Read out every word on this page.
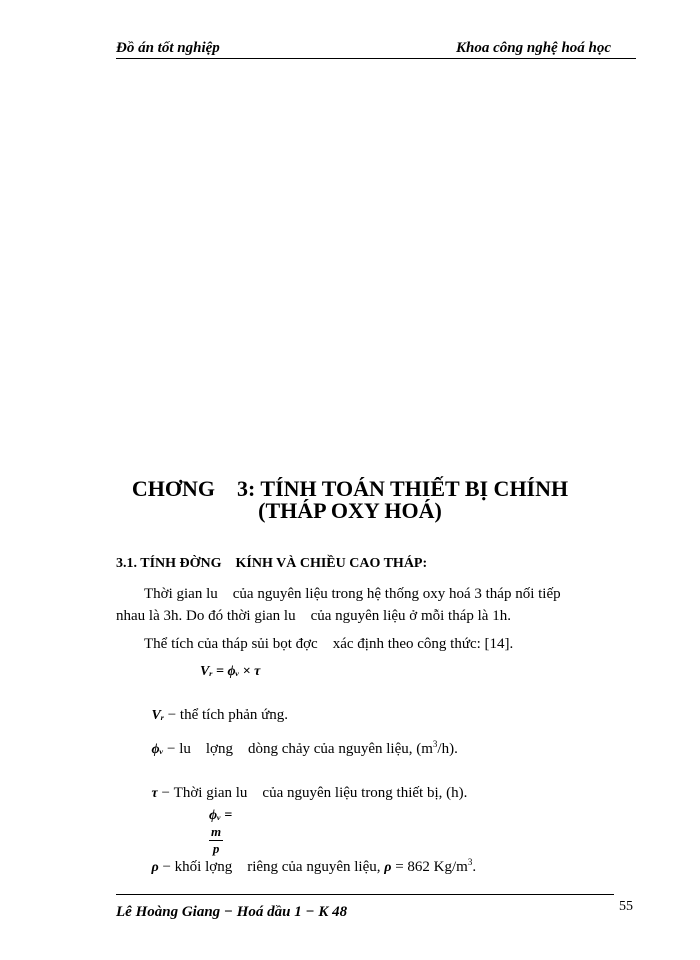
Đồ án tốt nghiệp	Khoa công nghệ hoá học
CHƠNG    3: TÍNH TOÁN THIẾT BỊ CHÍNH
(THÁP OXY HOÁ)
3.1. TÍNH ĐỜNG    KÍNH VÀ CHIỀU CAO THÁP:
Thời gian lu    của nguyên liệu trong hệ thống oxy hoá 3 tháp nối tiếp
nhau là 3h. Do đó thời gian lu    của nguyên liệu ở mỗi tháp là 1h.
Thể tích của tháp sủi bọt đợc    xác định theo công thức: [14].
Vᵣ = ϕᵥ × τ

Vᵣ − thể tích phản ứng.

ϕᵥ − lu    lợng    dòng chảy của nguyên liệu, $(m^3/h)$.

τ − Thời gian lu    của nguyên liệu trong thiết bị, (h).

ϕᵥ =

$\frac{m}{p}$

ρ − khối lợng    riêng của nguyên liệu, ρ = 862 $Kg/m^3$.

Lê Hoàng Giang − Hoá dầu 1 − K 48	55
